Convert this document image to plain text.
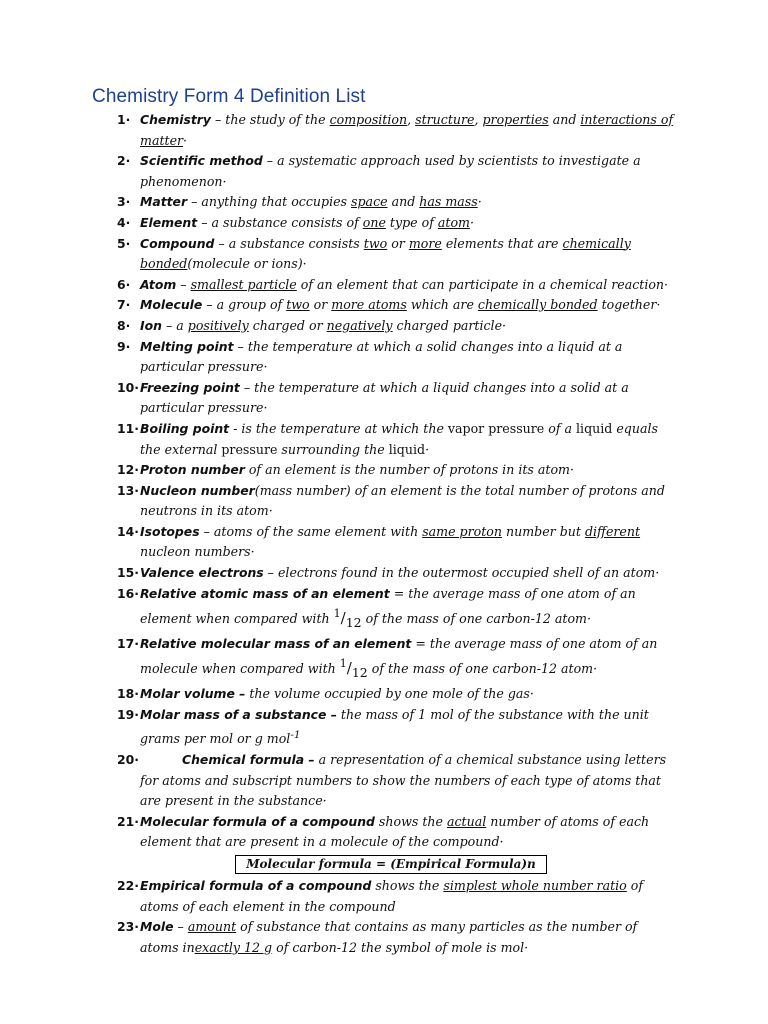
Chemistry Form 4 Definition List
1· Chemistry – the study of the composition, structure, properties and interactions of matter·
2· Scientific method – a systematic approach used by scientists to investigate a phenomenon·
3· Matter – anything that occupies space and has mass·
4· Element – a substance consists of one type of atom·
5· Compound – a substance consists two or more elements that are chemically bonded(molecule or ions)·
6· Atom – smallest particle of an element that can participate in a chemical reaction·
7· Molecule – a group of two or more atoms which are chemically bonded together·
8· Ion – a positively charged or negatively charged particle·
9· Melting point – the temperature at which a solid changes into a liquid at a particular pressure·
10· Freezing point – the temperature at which a liquid changes into a solid at a particular pressure·
11· Boiling point - is the temperature at which the vapor pressure of a liquid equals the external pressure surrounding the liquid·
12· Proton number of an element is the number of protons in its atom·
13· Nucleon number(mass number) of an element is the total number of protons and neutrons in its atom·
14· Isotopes – atoms of the same element with same proton number but different nucleon numbers·
15· Valence electrons – electrons found in the outermost occupied shell of an atom·
16· Relative atomic mass of an element = the average mass of one atom of an element when compared with $^1/_{12}$ of the mass of one carbon-12 atom·
17· Relative molecular mass of an element = the average mass of one atom of an molecule when compared with $^1/_{12}$ of the mass of one carbon-12 atom·
18· Molar volume – the volume occupied by one mole of the gas·
19· Molar mass of a substance – the mass of 1 mol of the substance with the unit grams per mol or g mol$^{-1}$
20·	Chemical formula – a representation of a chemical substance using letters for atoms and subscript numbers to show the numbers of each type of atoms that are present in the substance·
21· Molecular formula of a compound shows the actual number of atoms of each element that are present in a molecule of the compound·
Molecular formula = (Empirical Formula)n
22· Empirical formula of a compound shows the simplest whole number ratio of atoms of each element in the compound
23· Mole – amount of substance that contains as many particles as the number of atoms inexactly 12 g of carbon-12 the symbol of mole is mol·
